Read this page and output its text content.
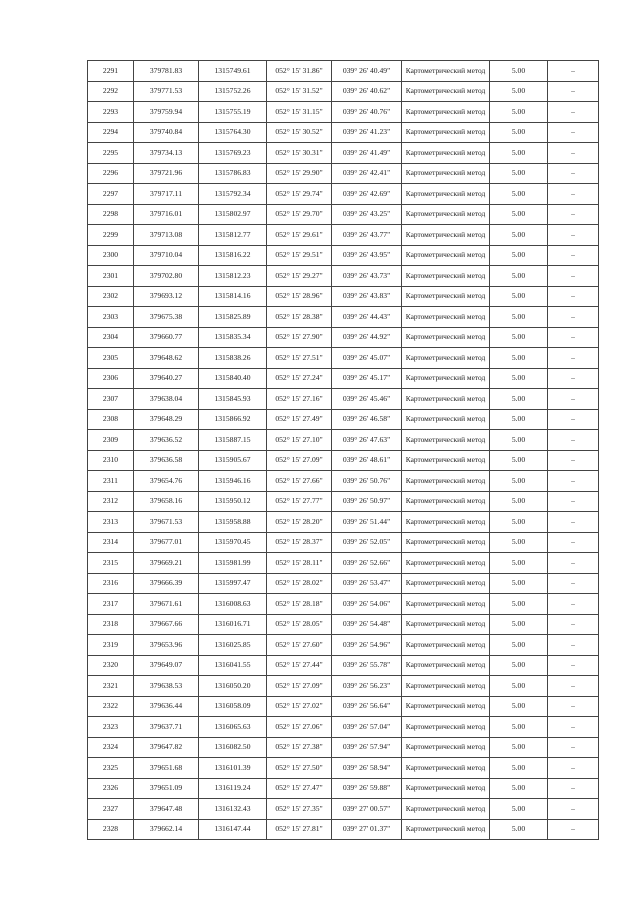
2291	379781.83	1315749.61	052° 15' 31.86"	039° 26' 40.49"	Картометрический метод	5.00	–
2292	379771.53	1315752.26	052° 15' 31.52"	039° 26' 40.62"	Картометрический метод	5.00	–
2293	379759.94	1315755.19	052° 15' 31.15"	039° 26' 40.76"	Картометрический метод	5.00	–
2294	379740.84	1315764.30	052° 15' 30.52"	039° 26' 41.23"	Картометрический метод	5.00	–
2295	379734.13	1315769.23	052° 15' 30.31"	039° 26' 41.49"	Картометрический метод	5.00	–
2296	379721.96	1315786.83	052° 15' 29.90"	039° 26' 42.41"	Картометрический метод	5.00	–
2297	379717.11	1315792.34	052° 15' 29.74"	039° 26' 42.69"	Картометрический метод	5.00	–
2298	379716.01	1315802.97	052° 15' 29.70"	039° 26' 43.25"	Картометрический метод	5.00	–
2299	379713.08	1315812.77	052° 15' 29.61"	039° 26' 43.77"	Картометрический метод	5.00	–
2300	379710.04	1315816.22	052° 15' 29.51"	039° 26' 43.95"	Картометрический метод	5.00	–
2301	379702.80	1315812.23	052° 15' 29.27"	039° 26' 43.73"	Картометрический метод	5.00	–
2302	379693.12	1315814.16	052° 15' 28.96"	039° 26' 43.83"	Картометрический метод	5.00	–
2303	379675.38	1315825.89	052° 15' 28.38"	039° 26' 44.43"	Картометрический метод	5.00	–
2304	379660.77	1315835.34	052° 15' 27.90"	039° 26' 44.92"	Картометрический метод	5.00	–
2305	379648.62	1315838.26	052° 15' 27.51"	039° 26' 45.07"	Картометрический метод	5.00	–
2306	379640.27	1315840.40	052° 15' 27.24"	039° 26' 45.17"	Картометрический метод	5.00	–
2307	379638.04	1315845.93	052° 15' 27.16"	039° 26' 45.46"	Картометрический метод	5.00	–
2308	379648.29	1315866.92	052° 15' 27.49"	039° 26' 46.58"	Картометрический метод	5.00	–
2309	379636.52	1315887.15	052° 15' 27.10"	039° 26' 47.63"	Картометрический метод	5.00	–
2310	379636.58	1315905.67	052° 15' 27.09"	039° 26' 48.61"	Картометрический метод	5.00	–
2311	379654.76	1315946.16	052° 15' 27.66"	039° 26' 50.76"	Картометрический метод	5.00	–
2312	379658.16	1315950.12	052° 15' 27.77"	039° 26' 50.97"	Картометрический метод	5.00	–
2313	379671.53	1315958.88	052° 15' 28.20"	039° 26' 51.44"	Картометрический метод	5.00	–
2314	379677.01	1315970.45	052° 15' 28.37"	039° 26' 52.05"	Картометрический метод	5.00	–
2315	379669.21	1315981.99	052° 15' 28.11"	039° 26' 52.66"	Картометрический метод	5.00	–
2316	379666.39	1315997.47	052° 15' 28.02"	039° 26' 53.47"	Картометрический метод	5.00	–
2317	379671.61	1316008.63	052° 15' 28.18"	039° 26' 54.06"	Картометрический метод	5.00	–
2318	379667.66	1316016.71	052° 15' 28.05"	039° 26' 54.48"	Картометрический метод	5.00	–
2319	379653.96	1316025.85	052° 15' 27.60"	039° 26' 54.96"	Картометрический метод	5.00	–
2320	379649.07	1316041.55	052° 15' 27.44"	039° 26' 55.78"	Картометрический метод	5.00	–
2321	379638.53	1316050.20	052° 15' 27.09"	039° 26' 56.23"	Картометрический метод	5.00	–
2322	379636.44	1316058.09	052° 15' 27.02"	039° 26' 56.64"	Картометрический метод	5.00	–
2323	379637.71	1316065.63	052° 15' 27.06"	039° 26' 57.04"	Картометрический метод	5.00	–
2324	379647.82	1316082.50	052° 15' 27.38"	039° 26' 57.94"	Картометрический метод	5.00	–
2325	379651.68	1316101.39	052° 15' 27.50"	039° 26' 58.94"	Картометрический метод	5.00	–
2326	379651.09	1316119.24	052° 15' 27.47"	039° 26' 59.88"	Картометрический метод	5.00	–
2327	379647.48	1316132.43	052° 15' 27.35"	039° 27' 00.57"	Картометрический метод	5.00	–
2328	379662.14	1316147.44	052° 15' 27.81"	039° 27' 01.37"	Картометрический метод	5.00	–
